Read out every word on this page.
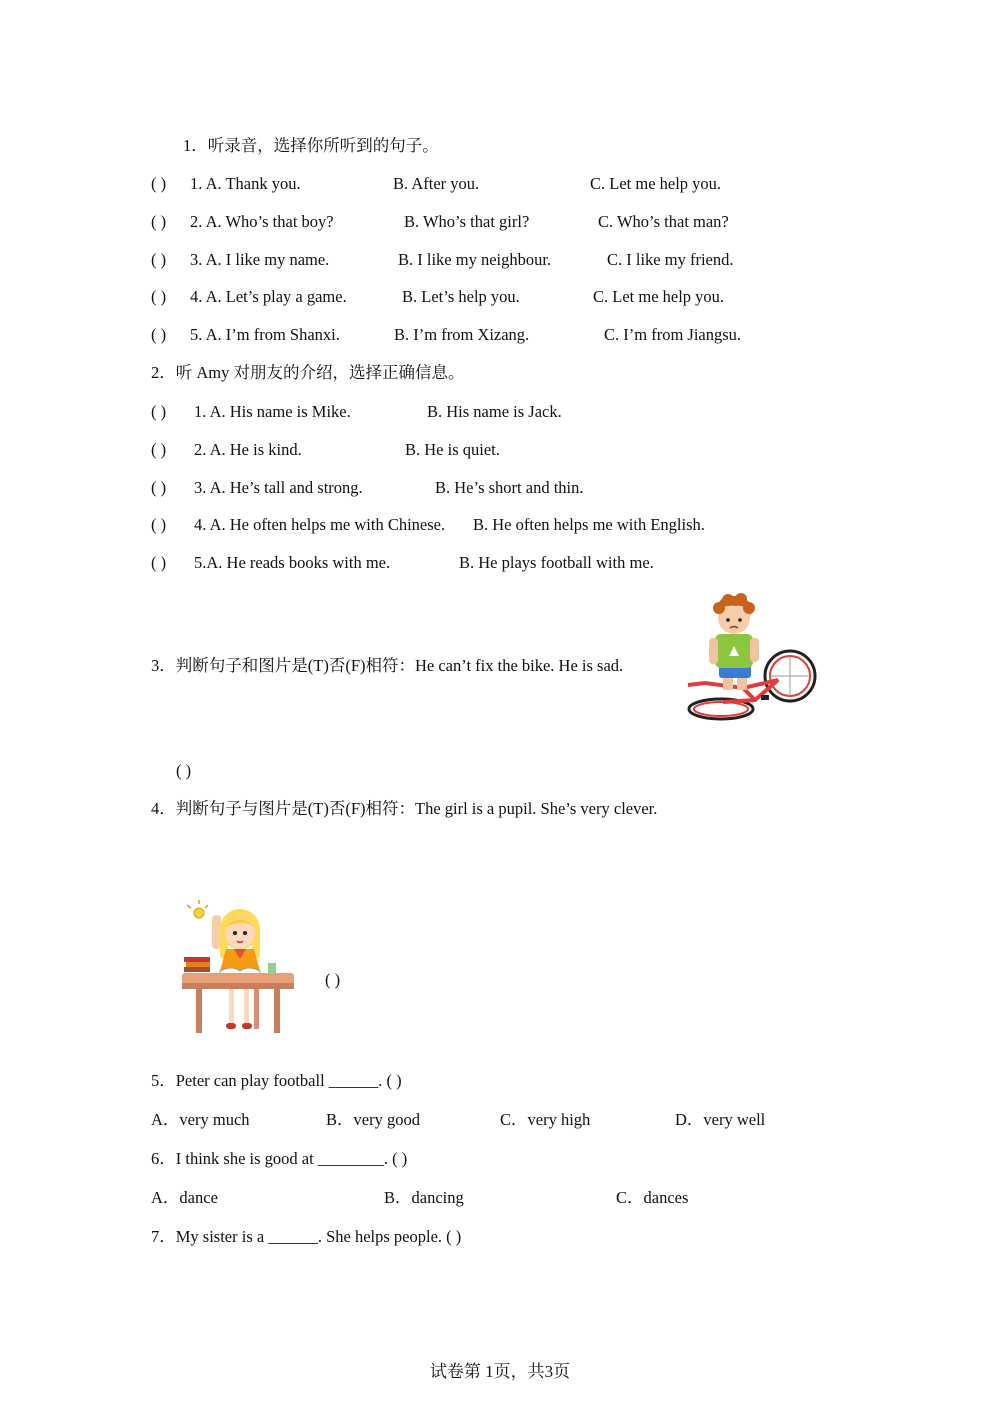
1．听录音，选择你所听到的句子。
( ) 1. A. Thank you.	B. After you.	C. Let me help you.
( ) 2. A. Who’s that boy?	B. Who’s that girl?	C. Who’s that man?
( ) 3. A. I like my name.	B. I like my neighbour.	C. I like my friend.
( ) 4. A. Let’s play a game.	B. Let’s help you.	C. Let me help you.
( ) 5. A. I’m from Shanxi.	B. I’m from Xizang.	C. I’m from Jiangsu.
2．听 Amy 对朋友的介绍，选择正确信息。
( ) 1. A. His name is Mike.	B. His name is Jack.
( ) 2. A. He is kind.	B. He is quiet.
( ) 3. A. He’s tall and strong.	B. He’s short and thin.
( ) 4. A. He often helps me with Chinese. B. He often helps me with English.
( ) 5.A. He reads books with me.	B. He plays football with me.
3．判断句子和图片是(T)否(F)相符：He can’t fix the bike. He is sad.
( )
4．判断句子与图片是(T)否(F)相符：The girl is a pupil. She’s very clever.
( )
5．Peter can play football ______. ( )
A．very much	B．very good	C．very high	D．very well
6．I think she is good at ________. ( )
A．dance	B．dancing	C．dances
7．My sister is a ______. She helps people. ( )
试卷第 1页，共3页
